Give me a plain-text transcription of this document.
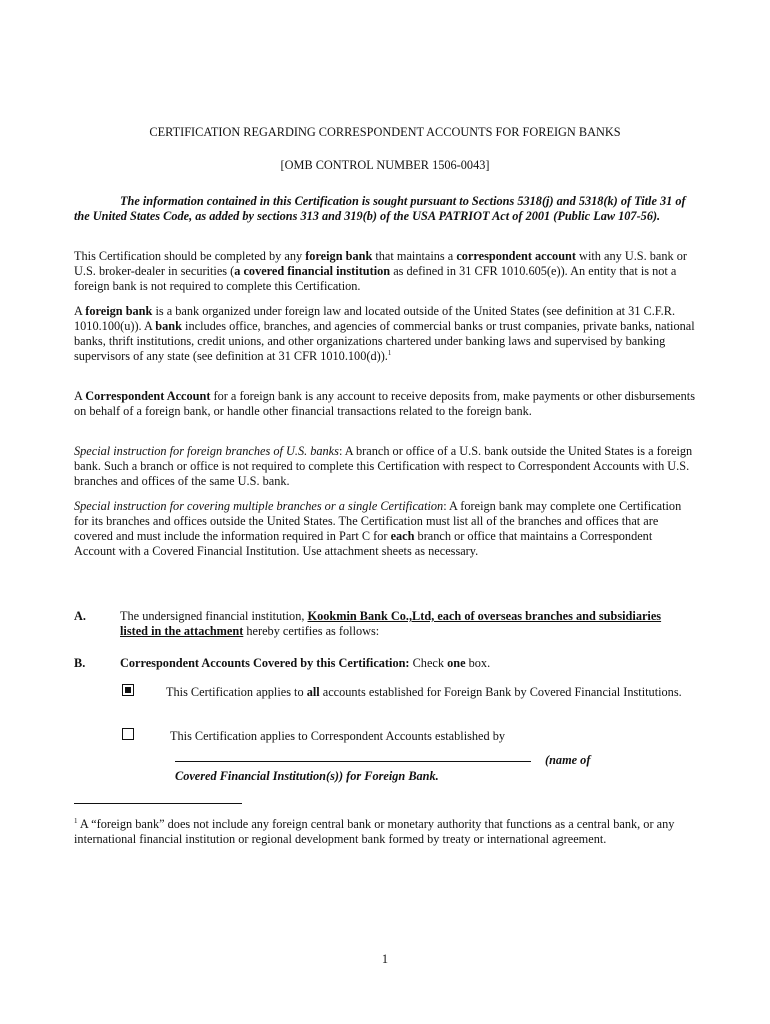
CERTIFICATION REGARDING CORRESPONDENT ACCOUNTS FOR FOREIGN BANKS
[OMB CONTROL NUMBER 1506-0043]
The information contained in this Certification is sought pursuant to Sections 5318(j) and 5318(k) of Title 31 of the United States Code, as added by sections 313 and 319(b) of the USA PATRIOT Act of 2001 (Public Law 107-56).
This Certification should be completed by any foreign bank that maintains a correspondent account with any U.S. bank or U.S. broker-dealer in securities (a covered financial institution as defined in 31 CFR 1010.605(e)). An entity that is not a foreign bank is not required to complete this Certification.
A foreign bank is a bank organized under foreign law and located outside of the United States (see definition at 31 C.F.R. 1010.100(u)). A bank includes office, branches, and agencies of commercial banks or trust companies, private banks, national banks, thrift institutions, credit unions, and other organizations chartered under banking laws and supervised by banking supervisors of any state (see definition at 31 CFR 1010.100(d)).$^1$
A Correspondent Account for a foreign bank is any account to receive deposits from, make payments or other disbursements on behalf of a foreign bank, or handle other financial transactions related to the foreign bank.
Special instruction for foreign branches of U.S. banks: A branch or office of a U.S. bank outside the United States is a foreign bank. Such a branch or office is not required to complete this Certification with respect to Correspondent Accounts with U.S. branches and offices of the same U.S. bank.
Special instruction for covering multiple branches or a single Certification: A foreign bank may complete one Certification for its branches and offices outside the United States. The Certification must list all of the branches and offices that are covered and must include the information required in Part C for each branch or office that maintains a Correspondent Account with a Covered Financial Institution. Use attachment sheets as necessary.
A.	The undersigned financial institution, Kookmin Bank Co.,Ltd, each of overseas branches and subsidiaries listed in the attachment hereby certifies as follows:
B.	Correspondent Accounts Covered by this Certification: Check one box.
This Certification applies to all accounts established for Foreign Bank by Covered Financial Institutions.
This Certification applies to Correspondent Accounts established by
(name of
Covered Financial Institution(s)) for Foreign Bank.
$^1$ A “foreign bank” does not include any foreign central bank or monetary authority that functions as a central bank, or any international financial institution or regional development bank formed by treaty or international agreement.
1
